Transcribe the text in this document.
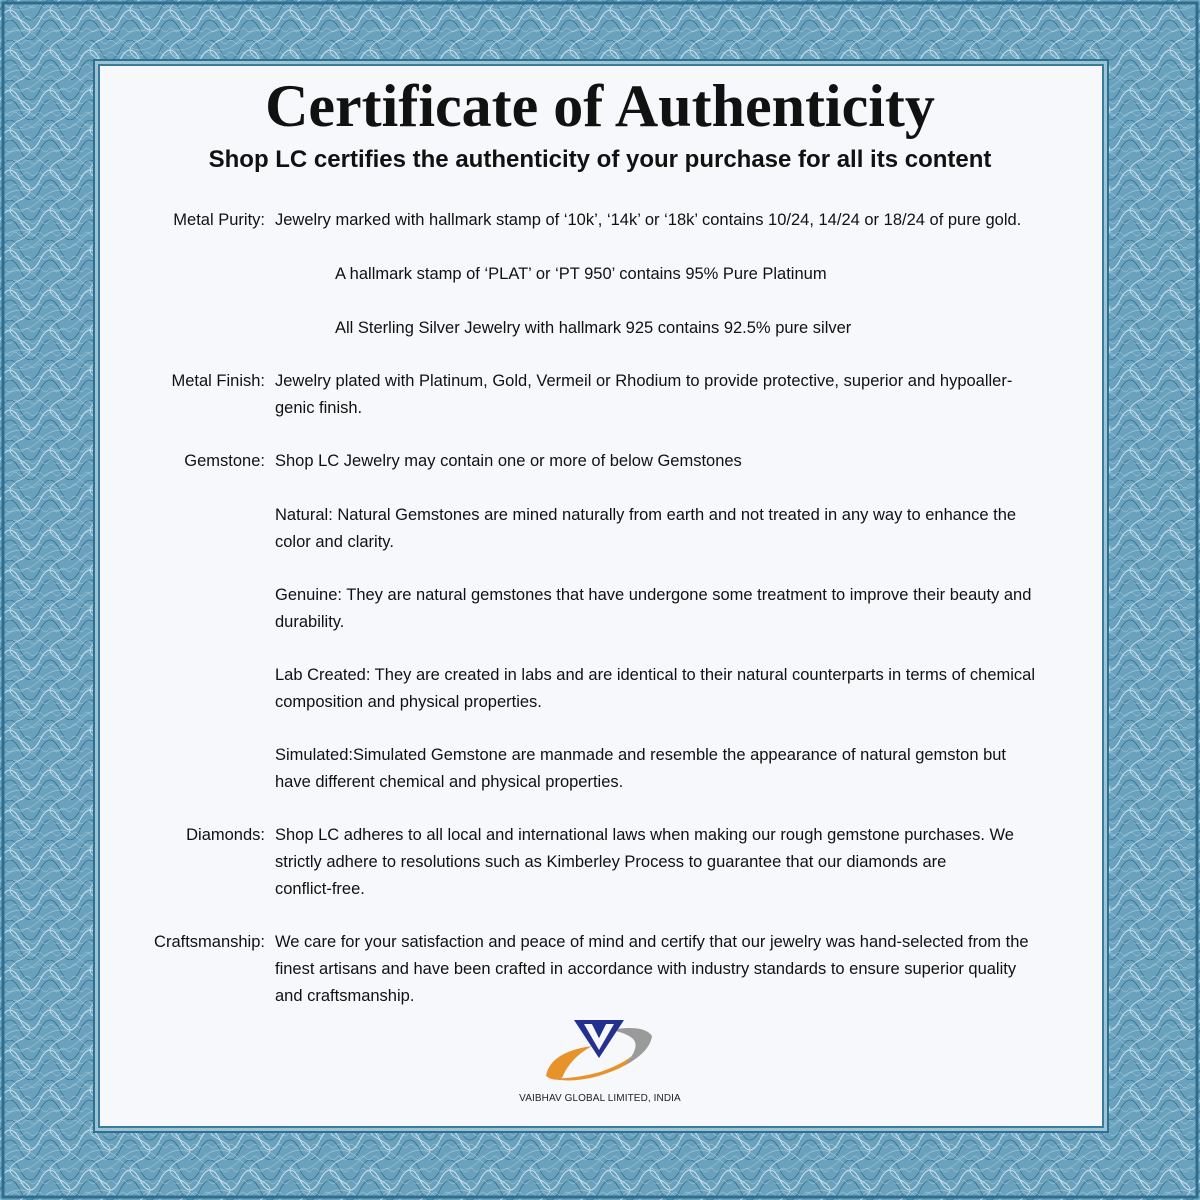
Certificate of Authenticity
Shop LC certifies the authenticity of your purchase for all its content
Metal Purity: Jewelry marked with hallmark stamp of ‘10k’, ‘14k’ or ‘18k’ contains 10/24, 14/24 or 18/24 of pure gold.
A hallmark stamp of ‘PLAT’ or ‘PT 950’ contains 95% Pure Platinum
All Sterling Silver Jewelry with hallmark 925 contains 92.5% pure silver
Metal Finish: Jewelry plated with Platinum, Gold, Vermeil or Rhodium to provide protective, superior and hypoaller-
genic finish.
Gemstone: Shop LC Jewelry may contain one or more of below Gemstones
Natural: Natural Gemstones are mined naturally from earth and not treated in any way to enhance the
color and clarity.
Genuine: They are natural gemstones that have undergone some treatment to improve their beauty and
durability.
Lab Created: They are created in labs and are identical to their natural counterparts in terms of chemical
composition and physical properties.
Simulated:Simulated Gemstone are manmade and resemble the appearance of natural gemston but
have different chemical and physical properties.
Diamonds: Shop LC adheres to all local and international laws when making our rough gemstone purchases. We
strictly adhere to resolutions such as Kimberley Process to guarantee that our diamonds are
conflict-free.
Craftsmanship: We care for your satisfaction and peace of mind and certify that our jewelry was hand-selected from the
finest artisans and have been crafted in accordance with industry standards to ensure superior quality
and craftsmanship.
VAIBHAV GLOBAL LIMITED, INDIA
